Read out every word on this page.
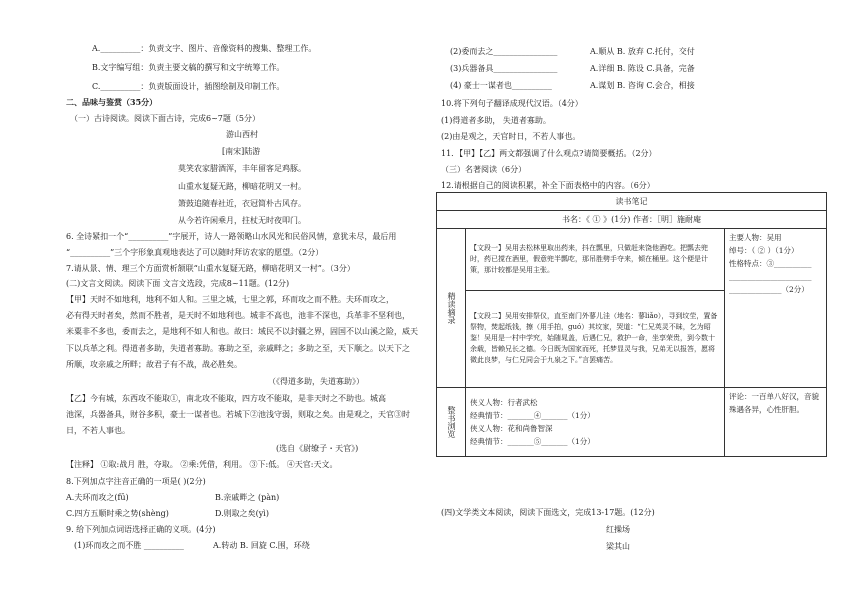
A.__________：负责文字、图片、音像资料的搜集、整理工作。
B.文字编写组：负责主要文稿的撰写和文字统筹工作。
C.__________：负责版面设计，插图绘制及印制工作。
二、品味与鉴赏（35分）
（一）古诗阅读。阅读下面古诗，完成6~7题（5分）
游山西村
[南宋]陆游
莫笑农家腊酒浑，丰年留客足鸡豚。
山重水复疑无路，柳暗花明又一村。
箫鼓追随春社近，衣冠简朴古风存。
从今若许闲乘月，拄杖无时夜叩门。
6. 全诗紧扣一个“__________”字展开，诗人一路领略山水风光和民俗风情，意犹未尽，最后用
“__________”三个字形象真观地表达了可以随时拜访农家的愿望。（2分）
7.请从景、情、理三个方面赏析颔联“山重水复疑无路，柳暗花明又一村”。（3分）
(二)文言文阅读。阅读下面 文言文选段，完成8~11题。(12分)
【甲】天时不如地利，地利不如人和。三里之城，七里之郭，环而攻之而不胜。夫环而攻之，
必有得天时者矣，然而不胜者，是天时不如地利也。城非不高也，池非不深也，兵革非不坚利也，
米粟非不多也，委而去之，是地利不如人和也。故曰：域民不以封疆之界，固国不以山溪之险，威天
下以兵革之利。得道者多助，失道者寡助。寡助之至，亲戚畔之；多助之至，天下顺之。以天下之
所顺，攻亲戚之所畔；故君子有不战，战必胜矣。
（《得道多助，失道寡助》）
【乙】今有城，东西攻不能取①，南北攻不能取，四方攻不能取，是非天时之不助也。城高
池深，兵器备具，财谷多积，豪士一谋者也。若城下②池浅守弱，则取之矣。由是观之，天官③时
日，不若人事也。
(选自《尉缭子・天官》)
【注释】 ①取:战月 胜，夺取。 ②乘:凭借，利用。 ③下:低。 ④天官:天文。
8.下列加点字注音正确的一项是( )(2分)
A.夫环而攻之(fū)	B.亲戚畔之 (pàn)
C.四方五顺时乘之势(shèng)	D.则取之矣(yì)
9. 给下列加点词语选择正确的义项。(4分)
(1)环而攻之而不胜 __________	A.转动 B. 回旋 C.围，环绕
(2)委而去之________________	A.顺从 B. 放弃 C.托付，交付
(3)兵器备具________________	A.详细 B. 陈设 C.具备，完备
(4) 豪士一谋者也__________	A.谋划 B. 咨询 C.会合，相接
10.将下列句子翻译成现代汉语。（4分）
(1)得道者多助， 失道者寡助。
(2)由是观之，天官时日，不若人事也。
11．【甲】【乙】两文都强调了什么观点?请简要概括。（2分）
（三）名著阅读（6分）
12.请根据自己的阅读积累，补全下面表格中的内容。（6分）
读书笔记		
书名：《 ① 》(1分) 作者：［明］施耐庵		
精读摘录	【文段一】吴用去松林里取出药来，抖在瓢里，只做赶来饶他酒吃。把瓢去兜时，药已搅在酒里，假意兜半瓢吃，那吊胜劈手夺来，倾在桶里。这个便是计策，那计较都是吴用主张。	主要人物：吴用
绰号：（ ② ）（1分）
性格特点：③__________
______________________
______________（2分）

	【文段二】吴用安排祭仪，直至南门外蓼儿洼（地名：蓼liǎo），寻到坟茔，置备祭物，焚起纸钱，擦（用手拍，guó）其坟家，哭道：“仁兄英灵不昧，乞为昭鉴！吴用是一村中学究，始随晁盖，后遇仁兄，救护一命，坐享荣贵，到今数十余载，皆赖兄长之德。今日既为国家而死，托梦显灵与我，兄弟无以报答，愿将微此良梦，与仁兄同会于九泉之下。”言罢痛苦。	
整书浏览	侠义人物：行者武松
经典情节：_______④_______（1分）
侠义人物：花和尚鲁智深
经典情节：_______⑤_______（1分）	评论：一百单八好汉，音貌殊遇各异，心性肝胆。
(四)文学类文本阅读，阅读下面选文，完成13-17题。(12分)
红操场
梁其山
